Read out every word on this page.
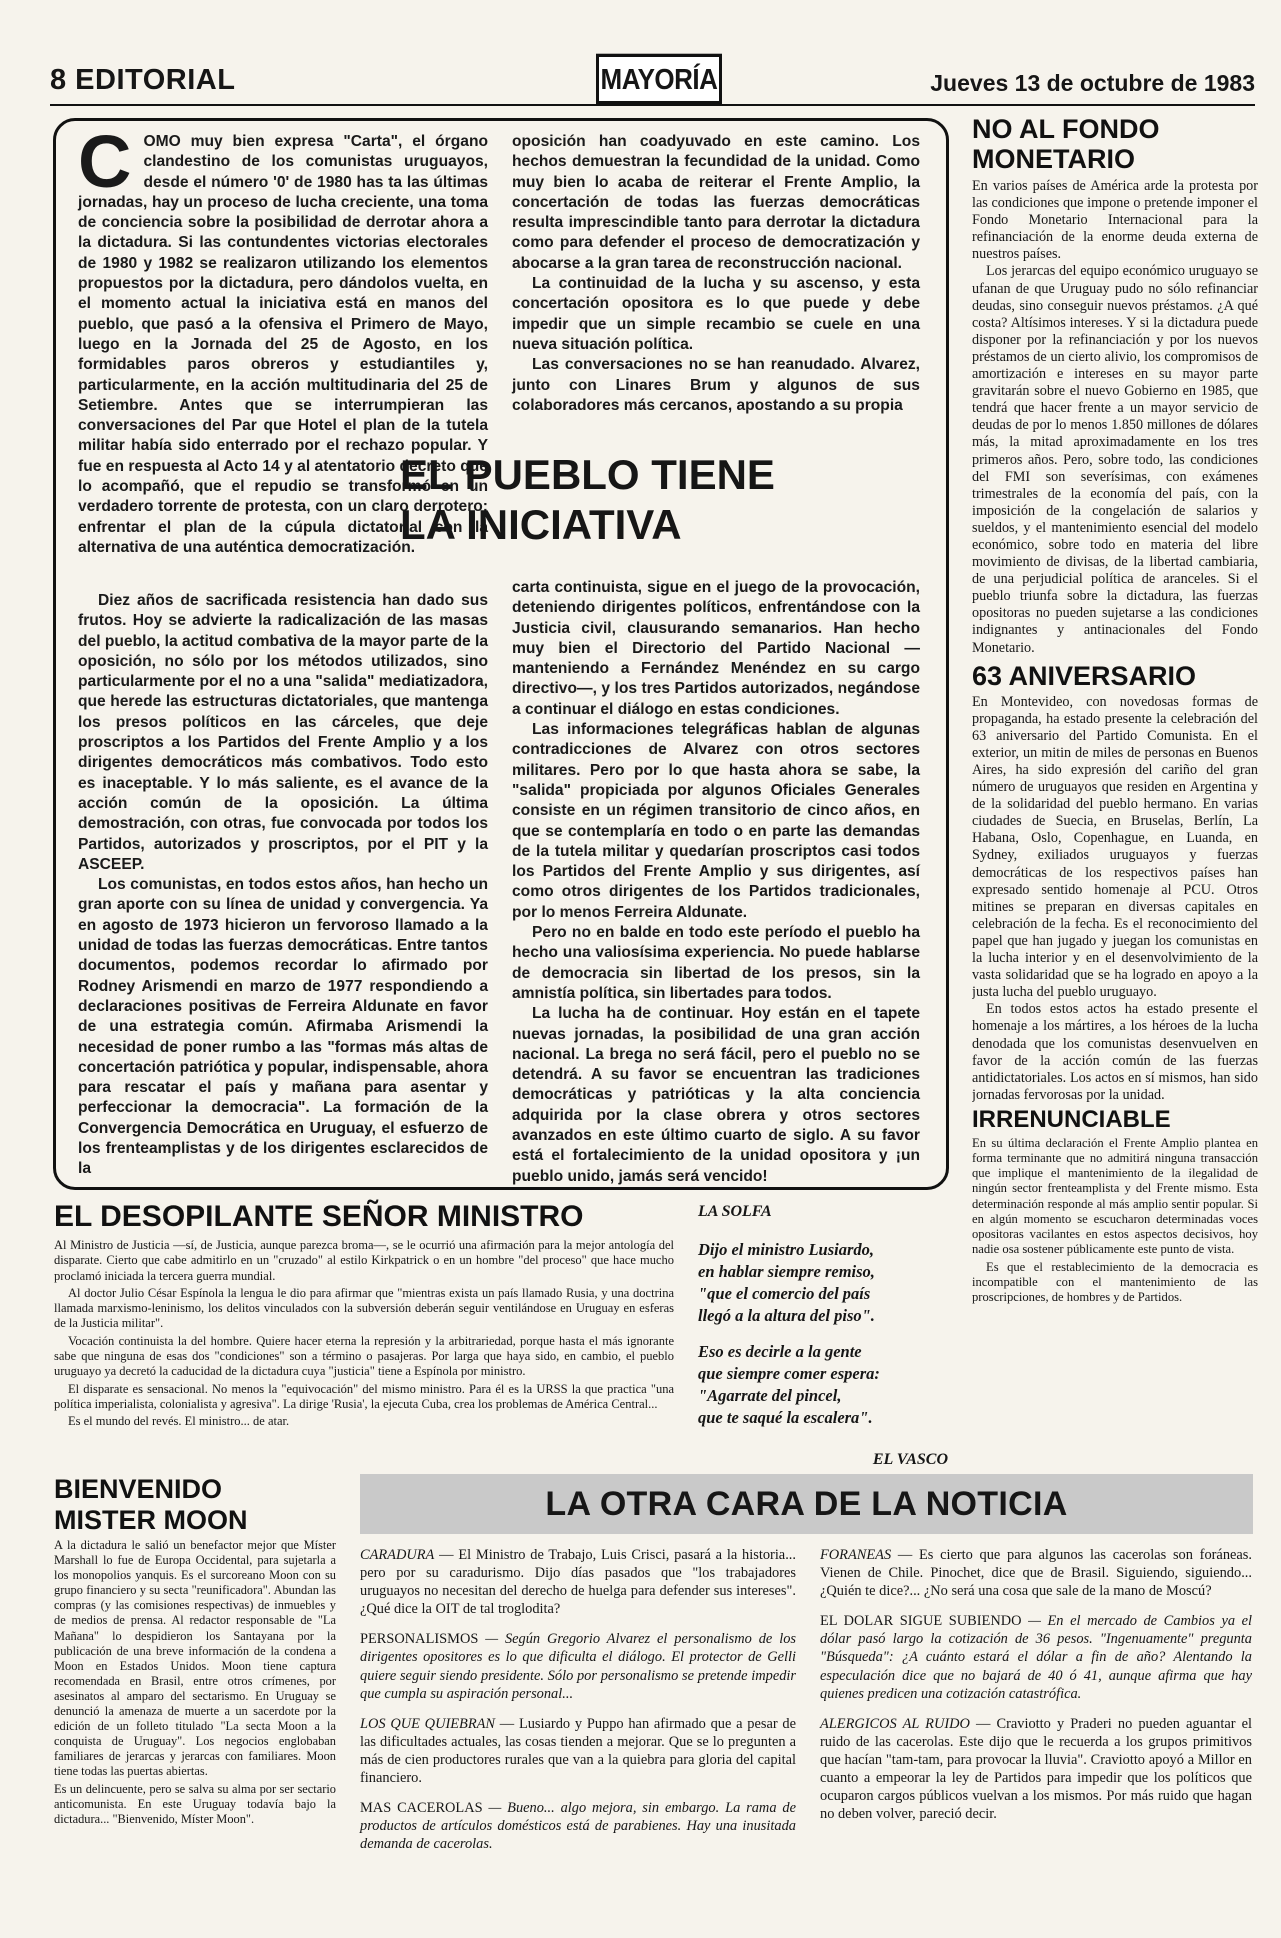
8 EDITORIAL	MAYORÍA	Jueves 13 de octubre de 1983
C OMO muy bien expresa "Carta", el órgano clandestino de los comunistas uruguayos, desde el número '0' de 1980 has ta las últimas jornadas, hay un proceso de lucha creciente, una toma de conciencia sobre la posibilidad de derrotar ahora a la dictadura. Si las contundentes victorias electorales de 1980 y 1982 se realizaron utilizando los elementos propuestos por la dictadura, pero dándolos vuelta, en el momento actual la iniciativa está en manos del pueblo, que pasó a la ofensiva el Primero de Mayo, luego en la Jornada del 25 de Agosto, en los formidables paros obreros y estudiantiles y, particularmente, en la acción multitudinaria del 25 de Setiembre. Antes que se interrumpieran las conversaciones del Par que Hotel el plan de la tutela militar había sido enterrado por el rechazo popular. Y fue en respuesta al Acto 14 y al atentatorio decreto que lo acompañó, que el repudio se transformó en un verdadero torrente de protesta, con un claro derrotero: enfrentar el plan de la cúpula dictatorial con la alternativa de una auténtica democratización.

Diez años de sacrificada resistencia han dado sus frutos. Hoy se advierte la radicalización de las masas del pueblo, la actitud combativa de la mayor parte de la oposición, no sólo por los métodos utilizados, sino particularmente por el no a una "salida" mediatizadora, que herede las estructuras dictatoriales, que mantenga los presos políticos en las cárceles, que deje proscriptos a los Partidos del Frente Amplio y a los dirigentes democráticos más combativos. Todo esto es inaceptable. Y lo más saliente, es el avance de la acción común de la oposición. La última demostración, con otras, fue convocada por todos los Partidos, autorizados y proscriptos, por el PIT y la ASCEEP.

Los comunistas, en todos estos años, han hecho un gran aporte con su línea de unidad y convergencia. Ya en agosto de 1973 hicieron un fervoroso llamado a la unidad de todas las fuerzas democráticas. Entre tantos documentos, podemos recordar lo afirmado por Rodney Arismendi en marzo de 1977 respondiendo a declaraciones positivas de Ferreira Aldunate en favor de una estrategia común. Afirmaba Arismendi la necesidad de poner rumbo a las "formas más altas de concertación patriótica y popular, indispensable, ahora para rescatar el país y mañana para asentar y perfeccionar la democracia". La formación de la Convergencia Democrática en Uruguay, el esfuerzo de los frenteamplistas y de los dirigentes esclarecidos de la

oposición han coadyuvado en este camino. Los hechos demuestran la fecundidad de la unidad. Como muy bien lo acaba de reiterar el Frente Amplio, la concertación de todas las fuerzas democráticas resulta imprescindible tanto para derrotar la dictadura como para defender el proceso de democratización y abocarse a la gran tarea de reconstrucción nacional.

La continuidad de la lucha y su ascenso, y esta concertación opositora es lo que puede y debe impedir que un simple recambio se cuele en una nueva situación política.

Las conversaciones no se han reanudado. Alvarez, junto con Linares Brum y algunos de sus colaboradores más cercanos, apostando a su propia

EL PUEBLO TIENE
LA INICIATIVA

carta continuista, sigue en el juego de la provocación, deteniendo dirigentes políticos, enfrentándose con la Justicia civil, clausurando semanarios. Han hecho muy bien el Directorio del Partido Nacional —manteniendo a Fernández Menéndez en su cargo directivo—, y los tres Partidos autorizados, negándose a continuar el diálogo en estas condiciones.

Las informaciones telegráficas hablan de algunas contradicciones de Alvarez con otros sectores militares. Pero por lo que hasta ahora se sabe, la "salida" propiciada por algunos Oficiales Generales consiste en un régimen transitorio de cinco años, en que se contemplaría en todo o en parte las demandas de la tutela militar y quedarían proscriptos casi todos los Partidos del Frente Amplio y sus dirigentes, así como otros dirigentes de los Partidos tradicionales, por lo menos Ferreira Aldunate.

Pero no en balde en todo este período el pueblo ha hecho una valiosísima experiencia. No puede hablarse de democracia sin libertad de los presos, sin la amnistía política, sin libertades para todos.

La lucha ha de continuar. Hoy están en el tapete nuevas jornadas, la posibilidad de una gran acción nacional. La brega no será fácil, pero el pueblo no se detendrá. A su favor se encuentran las tradiciones democráticas y patrióticas y la alta conciencia adquirida por la clase obrera y otros sectores avanzados en este último cuarto de siglo. A su favor está el fortalecimiento de la unidad opositora y ¡un pueblo unido, jamás será vencido!

NO AL FONDO MONETARIO

En varios países de América arde la protesta por las condiciones que impone o pretende imponer el Fondo Monetario Internacional para la refinanciación de la enorme deuda externa de nuestros países.

Los jerarcas del equipo económico uruguayo se ufanan de que Uruguay pudo no sólo refinanciar deudas, sino conseguir nuevos préstamos. ¿A qué costa? Altísimos intereses. Y si la dictadura puede disponer por la refinanciación y por los nuevos préstamos de un cierto alivio, los compromisos de amortización e intereses en su mayor parte gravitarán sobre el nuevo Gobierno en 1985, que tendrá que hacer frente a un mayor servicio de deudas de por lo menos 1.850 millones de dólares más, la mitad aproximadamente en los tres primeros años. Pero, sobre todo, las condiciones del FMI son severísimas, con exámenes trimestrales de la economía del país, con la imposición de la congelación de salarios y sueldos, y el mantenimiento esencial del modelo económico, sobre todo en materia del libre movimiento de divisas, de la libertad cambiaria, de una perjudicial política de aranceles. Si el pueblo triunfa sobre la dictadura, las fuerzas opositoras no pueden sujetarse a las condiciones indignantes y antinacionales del Fondo Monetario.

63 ANIVERSARIO

En Montevideo, con novedosas formas de propaganda, ha estado presente la celebración del 63 aniversario del Partido Comunista. En el exterior, un mitin de miles de personas en Buenos Aires, ha sido expresión del cariño del gran número de uruguayos que residen en Argentina y de la solidaridad del pueblo hermano. En varias ciudades de Suecia, en Bruselas, Berlín, La Habana, Oslo, Copenhague, en Luanda, en Sydney, exiliados uruguayos y fuerzas democráticas de los respectivos países han expresado sentido homenaje al PCU. Otros mitines se preparan en diversas capitales en celebración de la fecha. Es el reconocimiento del papel que han jugado y juegan los comunistas en la lucha interior y en el desenvolvimiento de la vasta solidaridad que se ha logrado en apoyo a la justa lucha del pueblo uruguayo.

En todos estos actos ha estado presente el homenaje a los mártires, a los héroes de la lucha denodada que los comunistas desenvuelven en favor de la acción común de las fuerzas antidictatoriales. Los actos en sí mismos, han sido jornadas fervorosas por la unidad.

IRRENUNCIABLE

En su última declaración el Frente Amplio plantea en forma terminante que no admitirá ninguna transacción que implique el mantenimiento de la ilegalidad de ningún sector frenteamplista y del Frente mismo. Esta determinación responde al más amplio sentir popular. Si en algún momento se escucharon determinadas voces opositoras vacilantes en estos aspectos decisivos, hoy nadie osa sostener públicamente este punto de vista.

Es que el restablecimiento de la democracia es incompatible con el mantenimiento de las proscripciones, de hombres y de Partidos.

EL DESOPILANTE SEÑOR MINISTRO

Al Ministro de Justicia —sí, de Justicia, aunque parezca broma—, se le ocurrió una afirmación para la mejor antología del disparate. Cierto que cabe admitirlo en un "cruzado" al estilo Kirkpatrick o en un hombre "del proceso" que hace mucho proclamó iniciada la tercera guerra mundial.

Al doctor Julio César Espínola la lengua le dio para afirmar que "mientras exista un país llamado Rusia, y una doctrina llamada marxismo-leninismo, los delitos vinculados con la subversión deberán seguir ventilándose en Uruguay en esferas de la Justicia militar".

Vocación continuista la del hombre. Quiere hacer eterna la represión y la arbitrariedad, porque hasta el más ignorante sabe que ninguna de esas dos "condiciones" son a término o pasajeras. Por larga que haya sido, en cambio, el pueblo uruguayo ya decretó la caducidad de la dictadura cuya "justicia" tiene a Espínola por ministro.

El disparate es sensacional. No menos la "equivocación" del mismo ministro. Para él es la URSS la que practica "una política imperialista, colonialista y agresiva". La dirige 'Rusia', la ejecuta Cuba, crea los problemas de América Central...

Es el mundo del revés. El ministro... de atar.

LA SOLFA
Dijo el ministro Lusiardo,
en hablar siempre remiso,
"que el comercio del país
llegó a la altura del piso".
Eso es decirle a la gente
que siempre comer espera:
"Agarrate del pincel,
que te saqué la escalera".
EL VASCO
BIENVENIDO
MISTER MOON

A la dictadura le salió un benefactor mejor que Míster Marshall lo fue de Europa Occidental, para sujetarla a los monopolios yanquis. Es el surcoreano Moon con su grupo financiero y su secta "reunificadora". Abundan las compras (y las comisiones respectivas) de inmuebles y de medios de prensa. Al redactor responsable de "La Mañana" lo despidieron los Santayana por la publicación de una breve información de la condena a Moon en Estados Unidos. Moon tiene captura recomendada en Brasil, entre otros crímenes, por asesinatos al amparo del sectarismo. En Uruguay se denunció la amenaza de muerte a un sacerdote por la edición de un folleto titulado "La secta Moon a la conquista de Uruguay". Los negocios englobaban familiares de jerarcas y jerarcas con familiares. Moon tiene todas las puertas abiertas.

Es un delincuente, pero se salva su alma por ser sectario anticomunista. En este Uruguay todavía bajo la dictadura... "Bienvenido, Míster Moon".

LA OTRA CARA DE LA NOTICIA
CARADURA — El Ministro de Trabajo, Luis Crisci, pasará a la historia... pero por su caradurismo. Dijo días pasados que "los trabajadores uruguayos no necesitan del derecho de huelga para defender sus intereses". ¿Qué dice la OIT de tal troglodita?
PERSONALISMOS — Según Gregorio Alvarez el personalismo de los dirigentes opositores es lo que dificulta el diálogo. El protector de Gelli quiere seguir siendo presidente. Sólo por personalismo se pretende impedir que cumpla su aspiración personal...
LOS QUE QUIEBRAN — Lusiardo y Puppo han afirmado que a pesar de las dificultades actuales, las cosas tienden a mejorar. Que se lo pregunten a más de cien productores rurales que van a la quiebra para gloria del capital financiero.
MAS CACEROLAS — Bueno... algo mejora, sin embargo. La rama de productos de artículos domésticos está de parabienes. Hay una inusitada demanda de cacerolas.
FORANEAS — Es cierto que para algunos las cacerolas son foráneas. Vienen de Chile. Pinochet, dice que de Brasil. Siguiendo, siguiendo... ¿Quién te dice?... ¿No será una cosa que sale de la mano de Moscú?
EL DOLAR SIGUE SUBIENDO — En el mercado de Cambios ya el dólar pasó largo la cotización de 36 pesos. "Ingenuamente" pregunta "Búsqueda": ¿A cuánto estará el dólar a fin de año? Alentando la especulación dice que no bajará de 40 ó 41, aunque afirma que hay quienes predicen una cotización catastrófica.
ALERGICOS AL RUIDO — Craviotto y Praderi no pueden aguantar el ruido de las cacerolas. Este dijo que le recuerda a los grupos primitivos que hacían "tam-tam, para provocar la lluvia". Craviotto apoyó a Millor en cuanto a empeorar la ley de Partidos para impedir que los políticos que ocuparon cargos públicos vuelvan a los mismos. Por más ruido que hagan no deben volver, pareció decir.
